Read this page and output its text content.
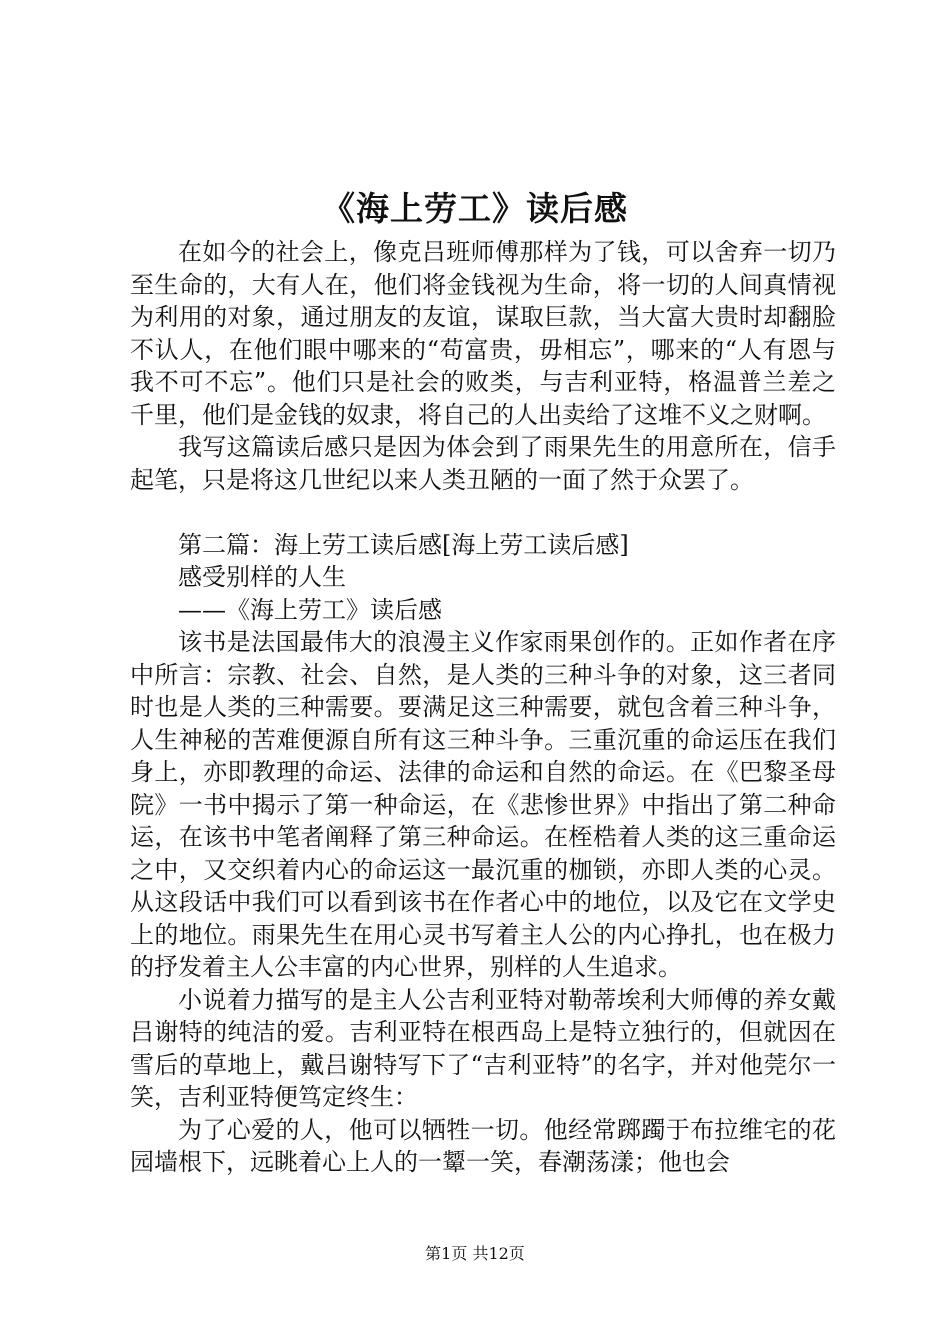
《海上劳工》读后感

在如今的社会上，像克吕班师傅那样为了钱，可以舍弃一切乃至生命的，大有人在，他们将金钱视为生命，将一切的人间真情视为利用的对象，通过朋友的友谊，谋取巨款，当大富大贵时却翻脸不认人，在他们眼中哪来的“苟富贵，毋相忘”，哪来的“人有恩与我不可不忘”。他们只是社会的败类，与吉利亚特，格温普兰差之千里，他们是金钱的奴隶，将自己的人出卖给了这堆不义之财啊。

我写这篇读后感只是因为体会到了雨果先生的用意所在，信手起笔，只是将这几世纪以来人类丑陋的一面了然于众罢了。

第二篇：海上劳工读后感[海上劳工读后感]

感受别样的人生

——《海上劳工》读后感

该书是法国最伟大的浪漫主义作家雨果创作的。正如作者在序中所言：宗教、社会、自然，是人类的三种斗争的对象，这三者同时也是人类的三种需要。要满足这三种需要，就包含着三种斗争，人生神秘的苦难便源自所有这三种斗争。三重沉重的命运压在我们身上，亦即教理的命运、法律的命运和自然的命运。在《巴黎圣母院》一书中揭示了第一种命运，在《悲惨世界》中指出了第二种命运，在该书中笔者阐释了第三种命运。在桎梏着人类的这三重命运之中，又交织着内心的命运这一最沉重的枷锁，亦即人类的心灵。从这段话中我们可以看到该书在作者心中的地位，以及它在文学史上的地位。雨果先生在用心灵书写着主人公的内心挣扎，也在极力的抒发着主人公丰富的内心世界，别样的人生追求。

小说着力描写的是主人公吉利亚特对勒蒂埃利大师傅的养女戴吕谢特的纯洁的爱。吉利亚特在根西岛上是特立独行的，但就因在雪后的草地上，戴吕谢特写下了“吉利亚特”的名字，并对他莞尔一笑，吉利亚特便笃定终生：

为了心爱的人，他可以牺牲一切。他经常踯躅于布拉维宅的花园墙根下，远眺着心上人的一颦一笑，春潮荡漾；他也会

第1页 共12页
